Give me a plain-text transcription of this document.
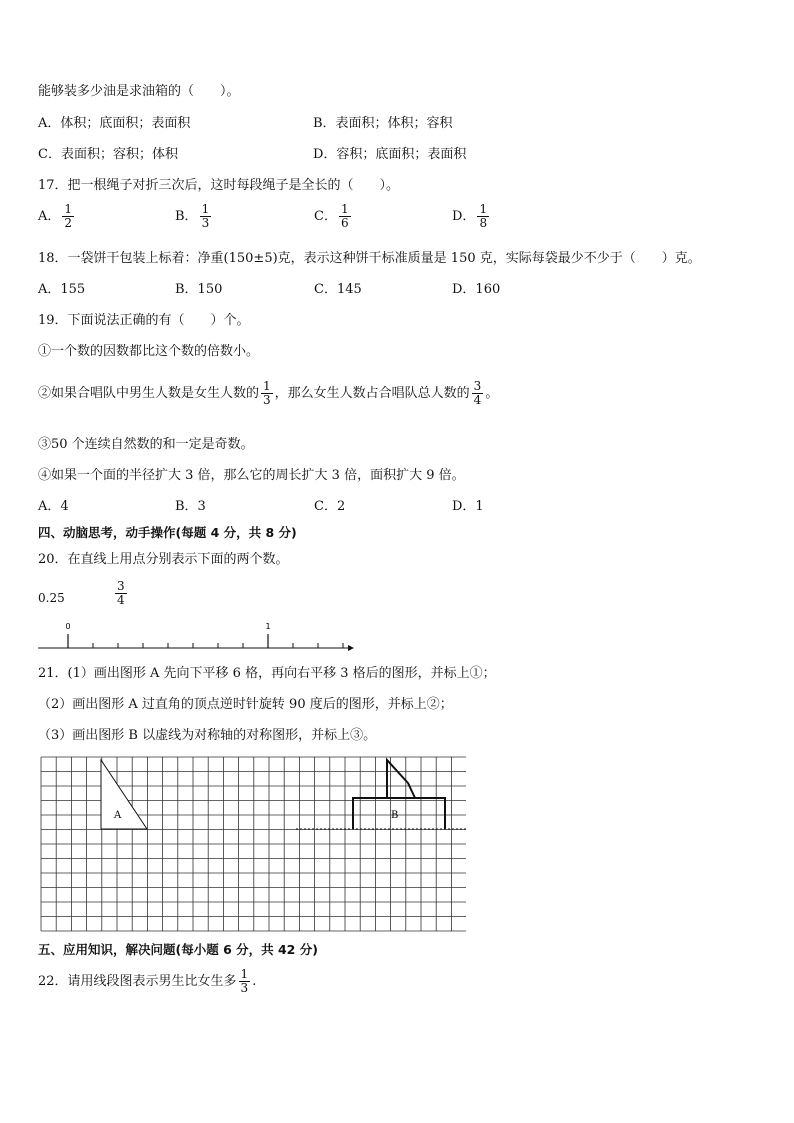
能够装多少油是求油箱的（　　）。
A．体积；底面积；表面积	B．表面积；体积；容积
C．表面积；容积；体积	D．容积；底面积；表面积
17．把一根绳子对折三次后，这时每段绳子是全长的（　　）。
A． $\frac{1}{2}$	B． $\frac{1}{3}$	C． $\frac{1}{6}$	D． $\frac{1}{8}$
18．一袋饼干包装上标着：净重(150±5)克，表示这种饼干标准质量是 150 克，实际每袋最少不少于（　　）克。
A．155	B．150	C．145	D．160
19．下面说法正确的有（　　）个。
①一个数的因数都比这个数的倍数小。
②如果合唱队中男生人数是女生人数的 $\frac{1}{3}$ ，那么女生人数占合唱队总人数的 $\frac{3}{4}$ 。
③50 个连续自然数的和一定是奇数。
④如果一个面的半径扩大 3 倍，那么它的周长扩大 3 倍，面积扩大 9 倍。
A．4	B．3	C．2	D．1
四、动脑思考，动手操作(每题 4 分，共 8 分)
20．在直线上用点分别表示下面的两个数。
0.25	$\frac{3}{4}$
0	1
21．(1）画出图形 A 先向下平移 6 格，再向右平移 3 格后的图形，并标上①；
（2）画出图形 A 过直角的顶点逆时针旋转 90 度后的图形，并标上②；
（3）画出图形 B 以虚线为对称轴的对称图形，并标上③。
A	B
五、应用知识，解决问题(每小题 6 分，共 42 分)
22．请用线段图表示男生比女生多 $\frac{1}{3}$ .
